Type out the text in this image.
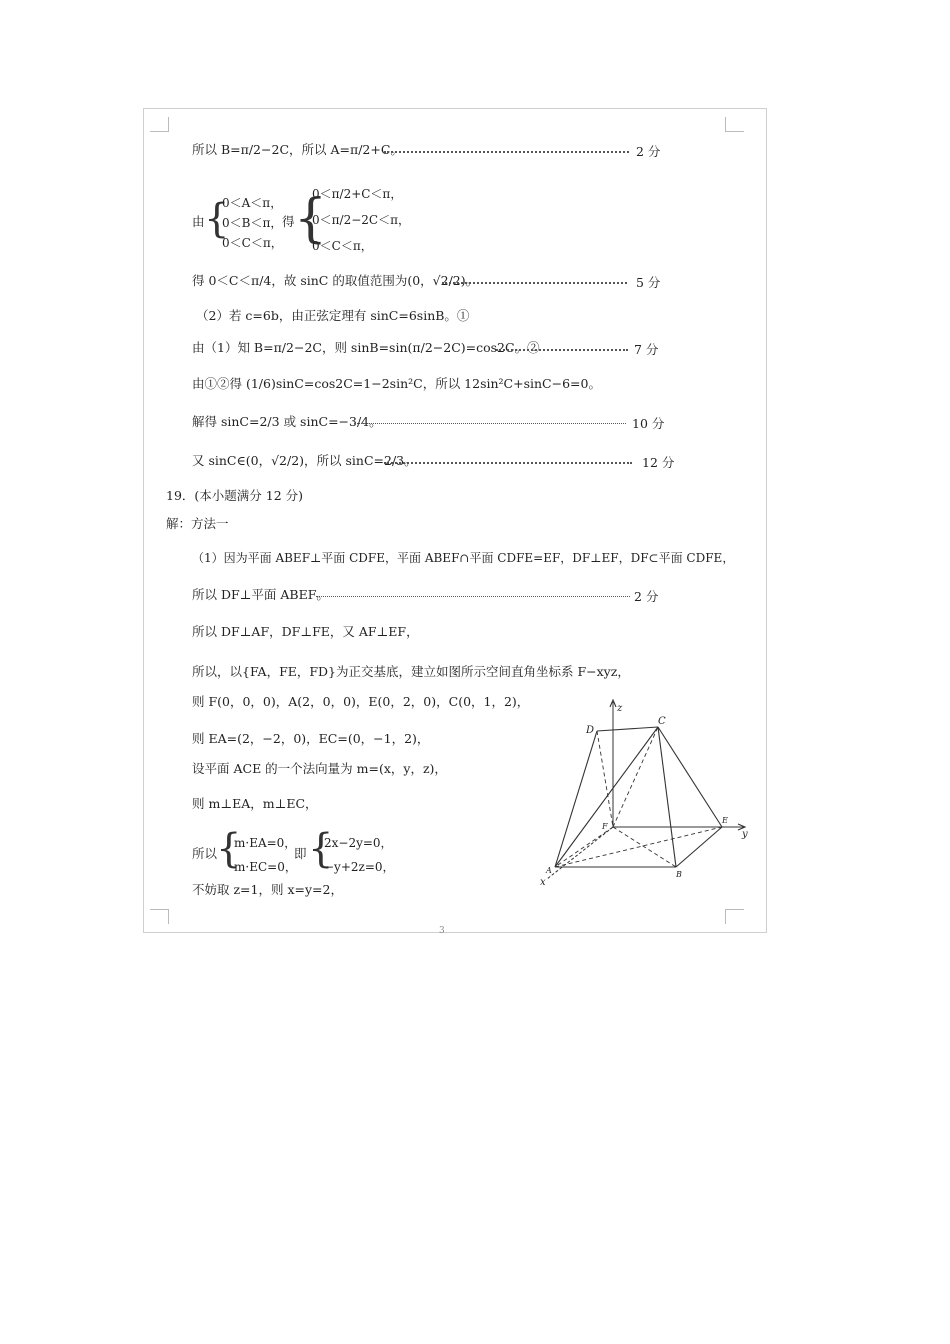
所以 B=π/2−2C，所以 A=π/2+C。	2 分
由 {
0＜A＜π，
0＜B＜π，
0＜C＜π，
得 {
0＜π/2+C＜π，
0＜π/2−2C＜π，
0＜C＜π，
得 0＜C＜π/4，故 sinC 的取值范围为(0，√2/2)。	5 分
（2）若 c=6b，由正弦定理有 sinC=6sinB。①
由（1）知 B=π/2−2C，则 sinB=sin(π/2−2C)=cos2C。②	7 分
由①②得 (1/6)sinC=cos2C=1−2sin²C，所以 12sin²C+sinC−6=0。
解得 sinC=2/3 或 sinC=−3/4。	10 分
又 sinC∈(0，√2/2)，所以 sinC=2/3。	12 分
19．(本小题满分 12 分)
解：方法一
（1）因为平面 ABEF⊥平面 CDFE，平面 ABEF∩平面 CDFE=EF，DF⊥EF，DF⊂平面 CDFE，
所以 DF⊥平面 ABEF。	2 分
所以 DF⊥AF，DF⊥FE，又 AF⊥EF，
所以，以{FA，FE，FD}为正交基底，建立如图所示空间直角坐标系 F−xyz，
则 F(0，0，0)，A(2，0，0)，E(0，2，0)，C(0，1，2)，
则 EA=(2，−2，0)，EC=(0，−1，2)，
设平面 ACE 的一个法向量为 m=(x，y，z)，
则 m⊥EA，m⊥EC，
所以
{
m·EA=0，
m·EC=0，
即 {
2x−2y=0，
−y+2z=0，
不妨取 z=1，则 x=y=2，
3
D
C
z
F
E
y
A	B
x
